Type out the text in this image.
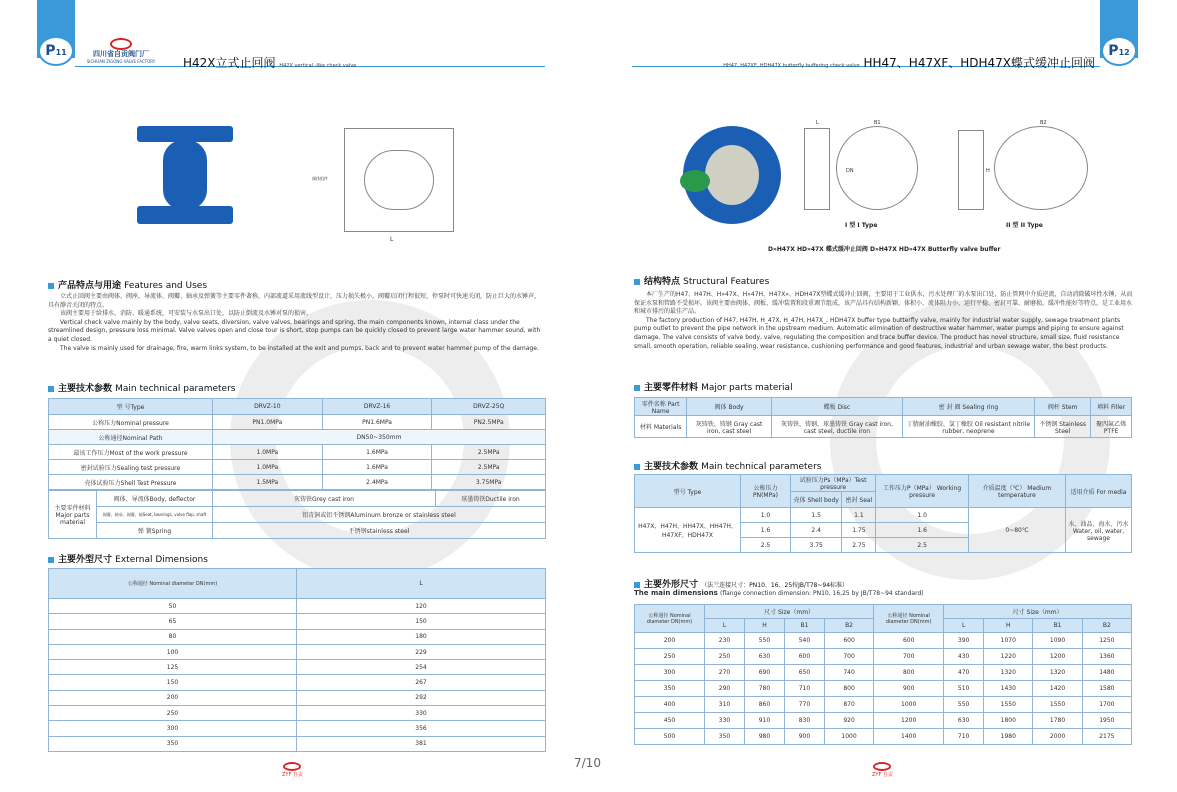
P11	P12
四川省自贡阀门厂
SICHUAN ZIGONG VALVE FACTORY H42X立式止回阀 H42X vertical -like check valve	HH47, H47XF, HDH47X butterfly buffering check valve HH47、H47XF、HDH47X蝶式缓冲止回阀
阀体组件
L
产品特点与用途 Features and Uses
立式止回阀主要由阀体、阀座、导流体、阀瓣、轴承及弹簧等主要零件著称，内部流道采用流线型设计，压力损失极小，阀瓣启闭行程很短，停泵时可快速关闭，防止巨大的水锤声，具有静音关闭的特点。
该阀主要用于给排水、消防、暖通系统，可安装与水泵出口处，以防止倒流及水锤对泵的损害。
Vertical check valve mainly by the body, valve seats, diversion, valve valves, bearings and spring, the main components known, internal class under the streamlined design, pressure loss minimal. Valve valves open and close tour is short, stop pumps can be quickly closed to prevent large water hammer sound, with a quiet closed.
The valve is mainly used for drainage, fire, warm links system, to be installed at the exit and pumps, back and to prevent water hammer pump of the damage.
主要技术参数 Main technical parameters
型 号Type	DRVZ-10	DRVZ-16	DRVZ-25Q
公称压力Nominal pressure	PN1.0MPa	PN1.6MPa	PN2.5MPa
公称通径Nominal Path	DN50~350mm		
最该工作压力Most of the work pressure	1.0MPa	1.6MPa	2.5MPa
密封试验压力Sealing test pressure	1.0MPa	1.6MPa	2.5MPa
壳体试验压力Shell Test Pressure	1.5MPa	2.4MPa	3.75MPa
主要零件材料 Major parts material	阀体、导流体Body, deflector	灰铸铁Grey cast iron	球墨铸铁Ductile iron
	阀瓣、轴承、阀瓣、轴Seat, bearings, valve flap, shaft	铝青铜或铝不锈钢Aluminum bronze or stainless steel	
	弹 簧Spring	不锈钢stainless steel	
主要外型尺寸 External Dimensions
公称通径 Nominal diameter DN(mm)	L
50	120
65	150
80	180
100	229
125	254
150	267
200	292
250	330
300	356
350	381
L	B1	B2
H
DN
I 型 I Type	II 型 II Type
D»H47X HD»47X 蝶式缓冲止回阀 D»H47X HD»47X Butterfly valve buffer
结构特点 Structural Features
本厂生产的H47、H47H、H»47X、H»47H、H47X»、HDH47X型蝶式缓冲止回阀，主要用于工业供水、污水处理厂的水泵出口处，防止管网中介质逆流，自动消除破坏性水锤，从而保证水泵和管路不受损坏。该阀主要由阀体、阀板、缓冲装置和段重调节组成，该产品具有结构新颖、体积小、流体阻力小、运行平稳、密封可靠、耐磨损、缓冲性能好等特点，是工业用水和城市排污的最佳产品。
The factory production of H47, H47H, H_47X, H_47H, H47X_, HDH47X buffer type butterfly valve, mainly for industrial water supply, sewage treatment plants pump outlet to prevent the pipe network in the upstream medium. Automatic elimination of destructive water hammer, water pumps and piping to ensure against damage. The valve consists of valve body, valve, regulating the composition and trace buffer device. The product has novel structure, small size, fluid resistance small, smooth operation, reliable sealing, wear resistance, cushioning performance and good features, industrial and urban sewage water, the best products.
主要零件材料 Major parts material
零件名称 Part Name	阀体 Body	蝶板 Disc	密 封 圈 Sealing ring	阀杆 Stem	填料 Filler
材料 Materials	灰铸铁、铸钢 Gray cast iron, cast steel	灰铸铁、铸钢、球墨铸铁 Gray cast iron, cast steel, ductile iron	丁腈耐油橡胶、氯丁橡胶 Oil resistant nitrile rubber, neoprene	不锈钢 Stainless Steel	聚四氟乙烯 PTFE
主要技术参数 Main technical parameters
型号 Type	公称压力 PN(MPa)	试验压力Ps（MPa）Test pressure		工作压力P（MPa） Working pressure	介质温度（℃） Medium temperature	适用介质 For media
		壳体 Shell body	密封 Seal			
H47X、H47H、HH47X、HH47H、H47XF、HDH47X	1.0	1.5	1.1	1.0	0~80℃	水、油品、海水、污水 Water, oil, water, sewage
	1.6	2.4	1.75	1.6		
	2.5	3.75	2.75	2.5		
主要外形尺寸 （法兰连接尺寸：PN10、16、25按JB/T78~94标准）
The main dimensions (flange connection dimension: PN10, 16,25 by JB/T78~94 standard)
公称通径 Nominal diameter DN(mm)	尺寸 Size（mm）				公称通径 Nominal diameter DN(mm)	尺寸 Size（mm）			
	L	H	B1	B2		L	H	B1	B2
200	230	550	540	600	600	390	1070	1090	1250
250	250	630	600	700	700	430	1220	1200	1360
300	270	690	650	740	800	470	1320	1320	1480
350	290	780	710	800	900	510	1430	1420	1580
400	310	860	770	870	1000	550	1550	1550	1700
450	330	910	830	920	1200	630	1800	1780	1950
500	350	980	900	1000	1400	710	1980	2000	2175
7/10
ZYF 自贡	ZYF 自贡
